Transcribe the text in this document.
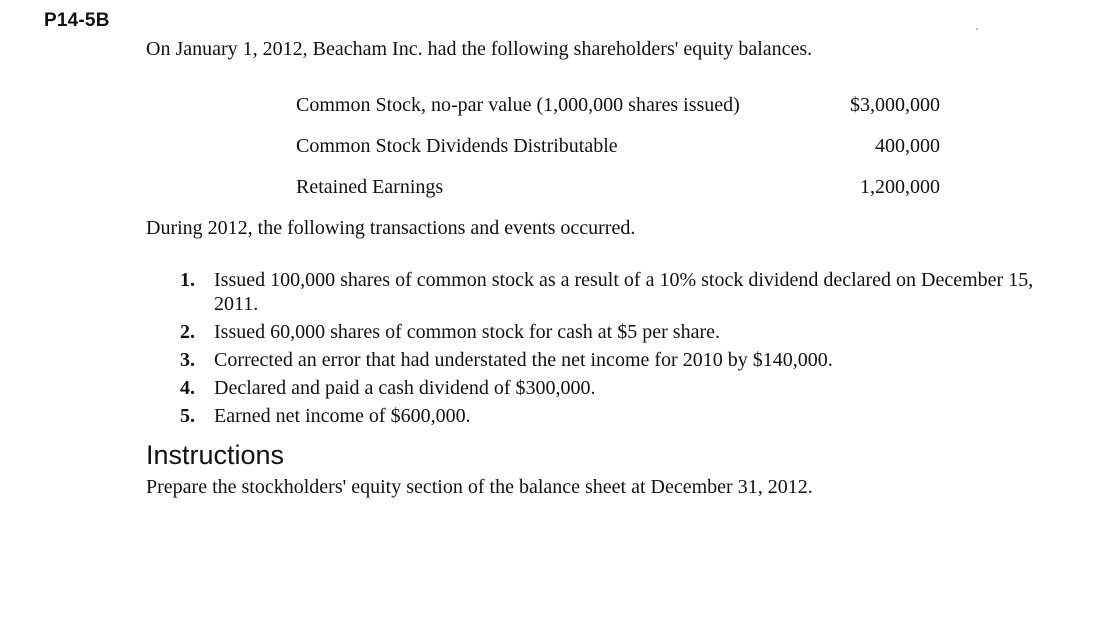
P14-5B
On January 1, 2012, Beacham Inc. had the following shareholders' equity balances.
Common Stock, no-par value (1,000,000 shares issued)	$3,000,000
Common Stock Dividends Distributable	400,000
Retained Earnings	1,200,000
During 2012, the following transactions and events occurred.
1. Issued 100,000 shares of common stock as a result of a 10% stock dividend declared on December 15, 2011.
2. Issued 60,000 shares of common stock for cash at $5 per share.
3. Corrected an error that had understated the net income for 2010 by $140,000.
4. Declared and paid a cash dividend of $300,000.
5. Earned net income of $600,000.
Instructions
Prepare the stockholders' equity section of the balance sheet at December 31, 2012.
